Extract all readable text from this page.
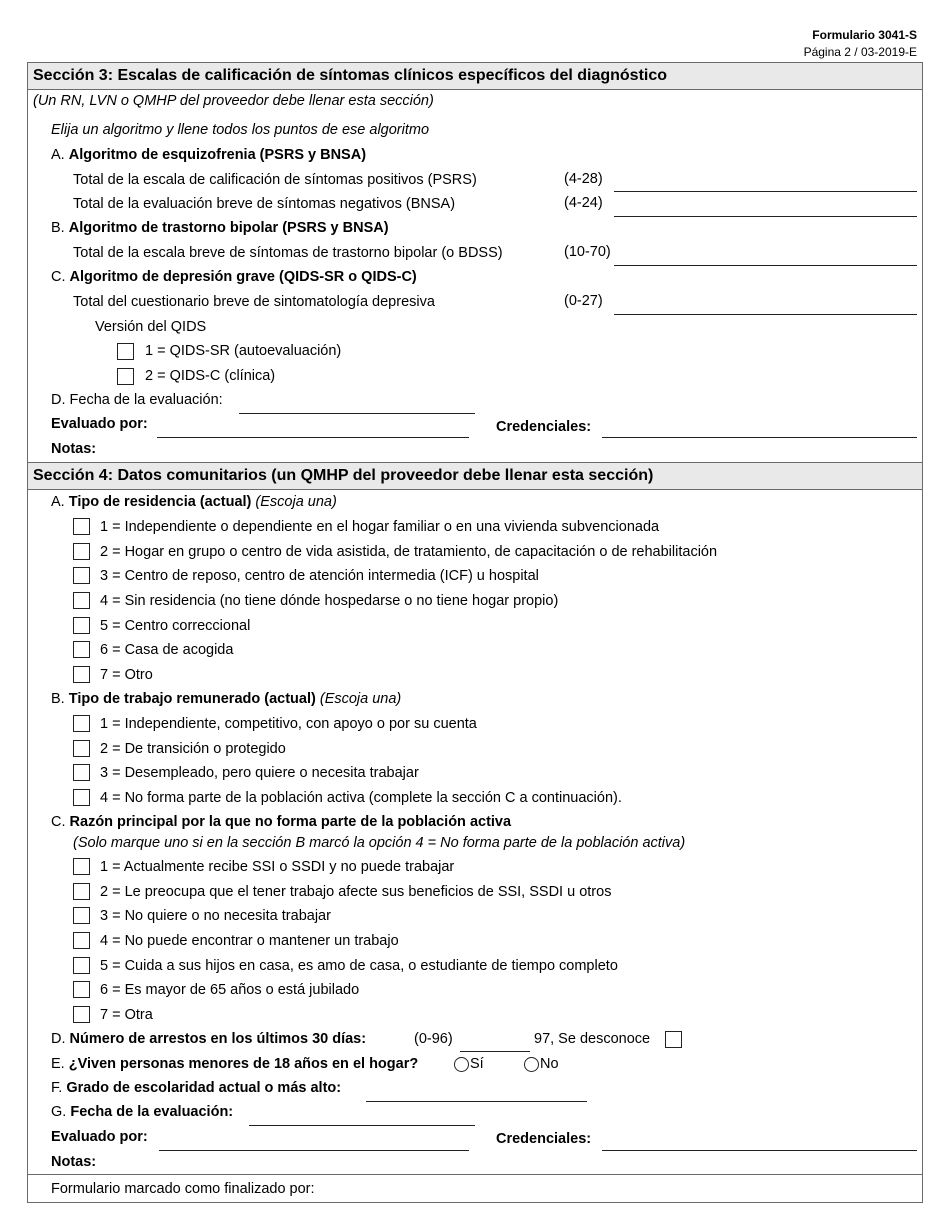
Formulario 3041-S
Página 2 / 03-2019-E
Sección 3: Escalas de calificación de síntomas clínicos específicos del diagnóstico
(Un RN, LVN o QMHP del proveedor debe llenar esta sección)
Elija un algoritmo y llene todos los puntos de ese algoritmo
A. Algoritmo de esquizofrenia (PSRS y BNSA)
Total de la escala de calificación de síntomas positivos (PSRS)	(4-28)
Total de la evaluación breve de síntomas negativos (BNSA)	(4-24)
B. Algoritmo de trastorno bipolar (PSRS y BNSA)
Total de la escala breve de síntomas de trastorno bipolar (o BDSS)	(10-70)
C. Algoritmo de depresión grave (QIDS-SR o QIDS-C)
Total del cuestionario breve de sintomatología depresiva	(0-27)
Versión del QIDS
1 = QIDS-SR (autoevaluación)
2 = QIDS-C (clínica)
D. Fecha de la evaluación:
Evaluado por:	Credenciales:
Notas:
Sección 4: Datos comunitarios (un QMHP del proveedor debe llenar esta sección)
A. Tipo de residencia (actual) (Escoja una)
1 = Independiente o dependiente en el hogar familiar o en una vivienda subvencionada
2 = Hogar en grupo o centro de vida asistida, de tratamiento, de capacitación o de rehabilitación
3 = Centro de reposo, centro de atención intermedia (ICF) u hospital
4 = Sin residencia (no tiene dónde hospedarse o no tiene hogar propio)
5 = Centro correccional
6 = Casa de acogida
7 = Otro
B. Tipo de trabajo remunerado (actual) (Escoja una)
1 = Independiente, competitivo, con apoyo o por su cuenta
2 = De transición o protegido
3 = Desempleado, pero quiere o necesita trabajar
4 = No forma parte de la población activa (complete la sección C a continuación).
C. Razón principal por la que no forma parte de la población activa
(Solo marque uno si en la sección B marcó la opción 4 = No forma parte de la población activa)
1 = Actualmente recibe SSI o SSDI y no puede trabajar
2 = Le preocupa que el tener trabajo afecte sus beneficios de SSI, SSDI u otros
3 = No quiere o no necesita trabajar
4 = No puede encontrar o mantener un trabajo
5 = Cuida a sus hijos en casa, es amo de casa, o estudiante de tiempo completo
6 = Es mayor de 65 años o está jubilado
7 = Otra
D. Número de arrestos en los últimos 30 días:	(0-96)	97, Se desconoce
E. ¿Viven personas menores de 18 años en el hogar?	Sí	No
F. Grado de escolaridad actual o más alto:
G. Fecha de la evaluación:
Evaluado por:	Credenciales:
Notas:
Formulario marcado como finalizado por:
